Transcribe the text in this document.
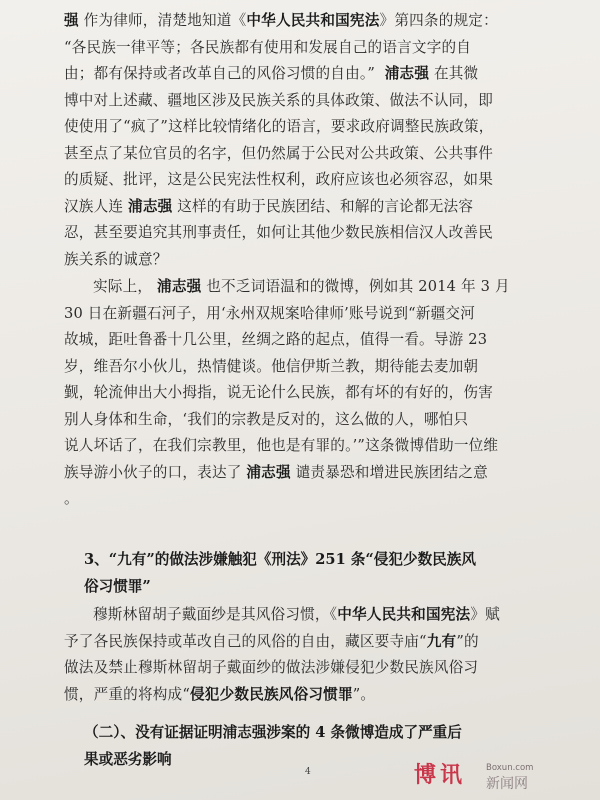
强 作为律师，清楚地知道《中华人民共和国宪法》第四条的规定：
“各民族一律平等；各民族都有使用和发展自己的语言文字的自
由；都有保持或者改革自己的风俗习惯的自由。” 浦志强 在其微
博中对上述藏、疆地区涉及民族关系的具体政策、做法不认同，即
使使用了“疯了”这样比较情绪化的语言，要求政府调整民族政策，
甚至点了某位官员的名字，但仍然属于公民对公共政策、公共事件
的质疑、批评，这是公民宪法性权利，政府应该也必须容忍，如果
汉族人连 浦志强 这样的有助于民族团结、和解的言论都无法容
忍，甚至要追究其刑事责任，如何让其他少数民族相信汉人改善民
族关系的诚意？
实际上， 浦志强 也不乏词语温和的微博，例如其 2014 年 3 月
30 日在新疆石河子，用‘永州双规案哈律师’账号说到“新疆交河
故城，距吐鲁番十几公里，丝绸之路的起点，值得一看。导游 23
岁，维吾尔小伙儿，热情健谈。他信伊斯兰教，期待能去麦加朝
觐，轮流伸出大小拇指，说无论什么民族，都有坏的有好的，伤害
别人身体和生命，‘我们的宗教是反对的，这么做的人，哪怕只
说人坏话了，在我们宗教里，他也是有罪的。’”这条微博借助一位维
族导游小伙子的口，表达了 浦志强 谴责暴恐和增进民族团结之意
。
3、“九有”的做法涉嫌触犯《刑法》251 条“侵犯少数民族风
俗习惯罪”
穆斯林留胡子戴面纱是其风俗习惯，《中华人民共和国宪法》赋
予了各民族保持或革改自己的风俗的自由，藏区要寺庙“九有”的
做法及禁止穆斯林留胡子戴面纱的做法涉嫌侵犯少数民族风俗习
惯，严重的将构成“侵犯少数民族风俗习惯罪”。
（二）、没有证据证明浦志强涉案的 4 条微博造成了严重后
果或恶劣影响
4	博讯 Boxun.com
新闻网
